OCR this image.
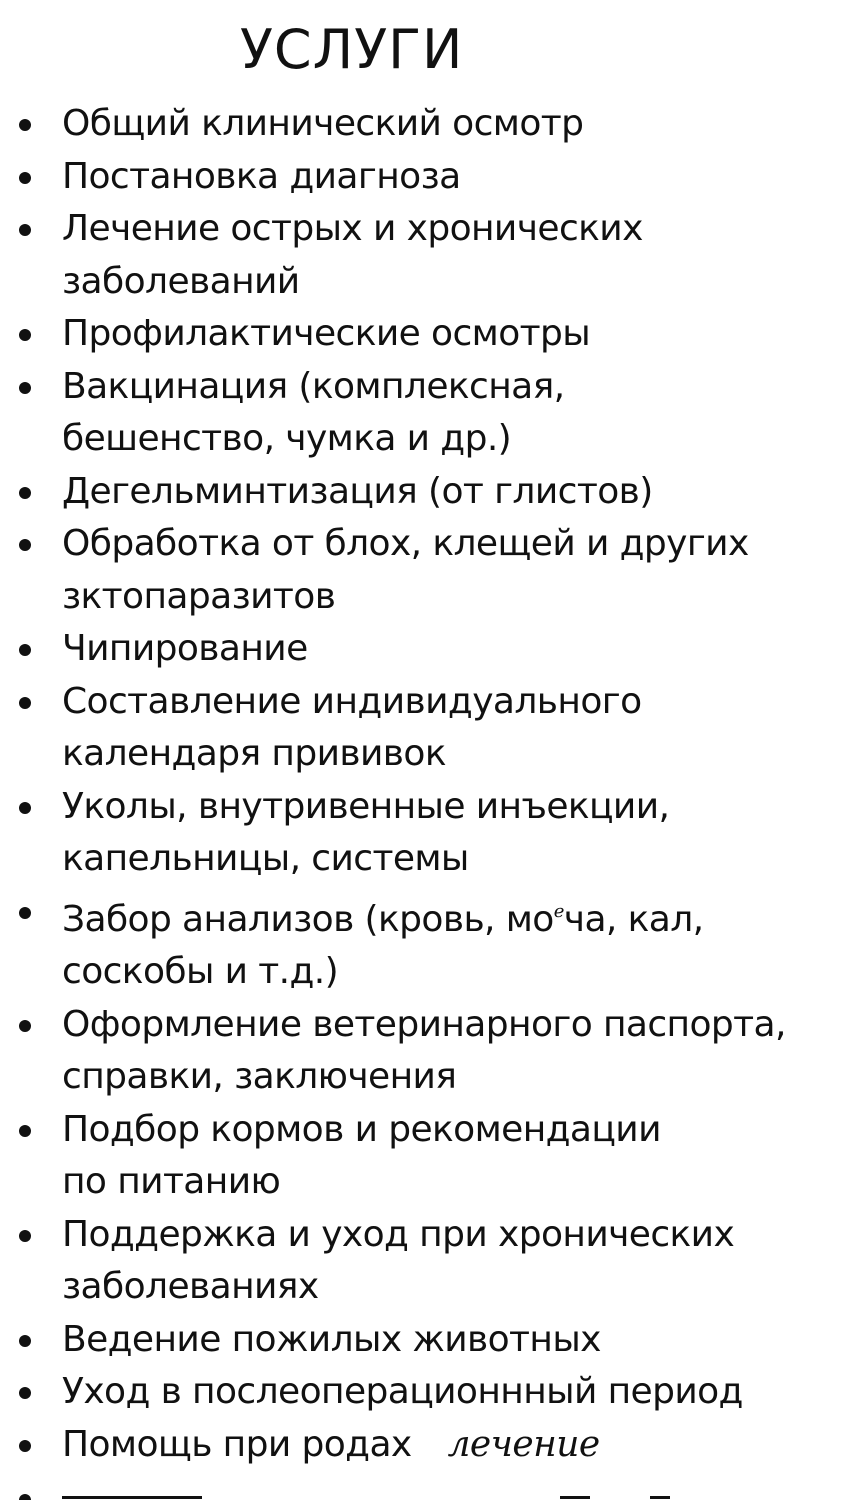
УСЛУГИ
Общий клинический осмотр
Постановка диагноза
Лечение острых и хронических
заболеваний
Профилактические осмотры
Вакцинация (комплексная,
бешенство, чумка и др.)
Дегельминтизация (от глистов)
Обработка от блох, клещей и других
зктопаразитов
Чипирование
Составление индивидуального
календаря прививок
Уколы, внутривенные инъекции,
капельницы, системы
Забор анализов (кровь, $мо^еча$, кал,
соскобы и т.д.)
Оформление ветеринарного паспорта,
справки, заключения
Подбор кормов и рекомендации
по питанию
Поддержка и уход при хронических
заболеваниях
Ведение пожилых животных
Уход в послеоперационнный период
Помощь при родах лечение
